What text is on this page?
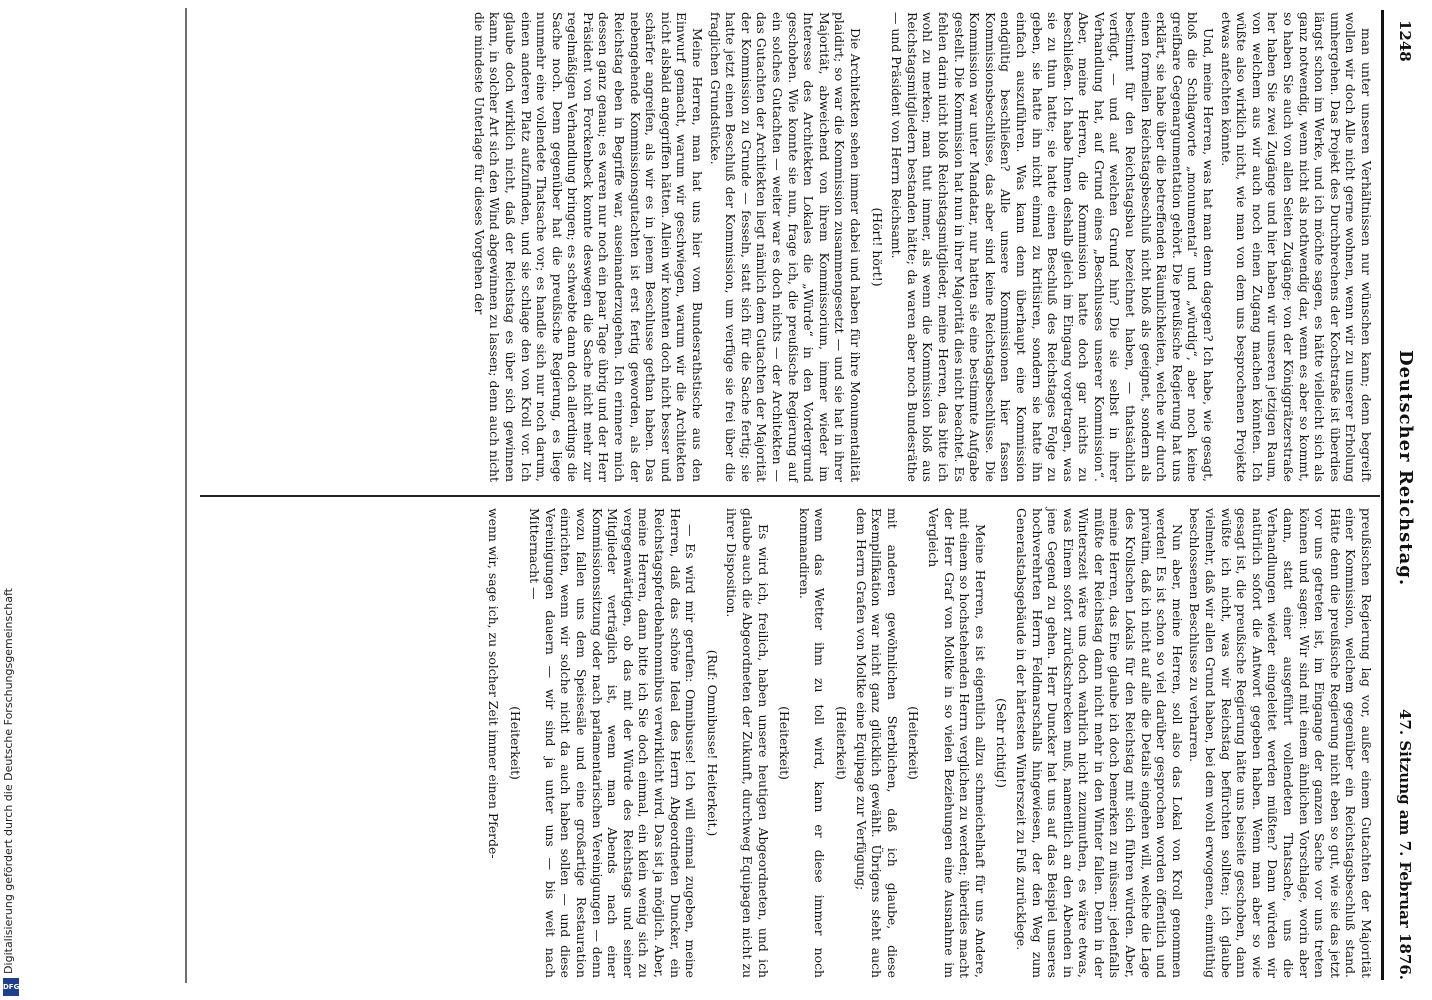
Digitalisierung gefördert durch die Deutsche Forschungsgemeinschaft
DFG
1248
Deutscher Reichstag.
47. Sitzung am 7. Februar 1876.

man unter unseren Verhältnissen nur wünschen kann; denn begreift wollen wir doch Alle nicht gerne wohnen, wenn wir zu unserer Erholung umhergehen. Das Projekt des Durchbrechens der Kochstraße ist überdies längst schon im Werke, und ich möchte sagen, es hätte vielleicht sich als ganz notwendig, wenn nicht als nothwendig dar, wenn es aber so kommt, so haben Sie auch von allen Seiten Zugänge; von der Königgrätzerstraße her haben Sie zwei Zugänge und hier haben wir unseren jetzigen Raum, von welchem aus wir auch noch einen Zugang machen könnten. Ich wüßte also wirklich nicht, wie man von dem uns besprochenen Projekte etwas anfechten könnte.

Und, meine Herren, was hat man denn dagegen? Ich habe, wie gesagt, bloß die Schlagworte „monumental“ und „würdig“, aber noch keine greifbare Gegenargumentation gehört. Die preußische Regierung hat uns erklärt, sie habe über die betreffenden Räumlichkeiten, welche wir durch einen formellen Reichstagsbeschluß nicht bloß als geeignet, sondern als bestimmt für den Reichstagsbau bezeichnet haben, — thatsächlich verfügt, — und auf welchen Grund hin? Die sie selbst in ihrer Verhandlung hat, auf Grund eines „Beschlusses unserer Kommission“. Aber, meine Herren, die Kommission hatte doch gar nichts zu beschließen. Ich habe Ihnen deshalb gleich im Eingang vorgetragen, was sie zu thun hatte; sie hatte einen Beschluß des Reichstages Folge zu geben, sie hatte ihn nicht einmal zu kritisiren, sondern sie hatte ihn einfach auszuführen. Was kann denn überhaupt eine Kommission endgültig beschließen? Alle unsere Kommissionen hier fassen Kommissionsbeschlüsse, das aber sind keine Reichstagsbeschlüsse. Die Kommission war unter Mandatar, nur hatten sie eine bestimmte Aufgabe gestellt. Die Kommission hat nun in ihrer Majorität dies nicht beachtet. Es fehlen darin nicht bloß Reichstagsmitglieder, meine Herren, das bitte ich wohl zu merken; man thut immer, als wenn die Kommission bloß aus Reichstagsmitgliedern bestanden hätte; da waren aber noch Bundesräthe — und Präsident von Herrn Reichsamt.

(Hört! hört!)

Die Architekten sehen immer dabei und haben für ihre Monumentalität plaidirt; so war die Kommission zusammengesetzt — und sie hat in ihrer Majorität, abweichend von ihrem Kommissorium, immer wieder im Interesse des Architekten Lokales die „Würde“ in den Vordergrund geschoben. Wie konnte sie nun, frage ich, die preußische Regierung auf ein solches Gutachten — weiter war es doch nichts — der Architekten — das Gutachten der Architekten liegt nämlich dem Gutachten der Majorität der Kommission zu Grunde — fesseln, statt sich für die Sache fertig; sie hatte jetzt einen Beschluß der Kommission, um verfüge sie frei über die fraglichen Grundstücke.

Meine Herren, man hat uns hier vom Bundesrathstische aus den Einwurf gemacht, warum wir geschwiegen, warum wir die Architekten nicht alsbald angegriffen hätten. Allein wir konnten doch nicht besser und schärfer angreifen, als wir es in jenem Beschlusse gethan haben. Das nebengehende Kommissionsgutachten ist erst fertig geworden, als der Reichstag eben in Begriffe war, auseinanderzugehen. Ich erinnere mich dessen ganz genau; es waren nur noch ein paar Tage übrig und der Herr Präsident von Forckenbeck konnte deswegen die Sache nicht mehr zur regelmäßigen Verhandlung bringen; es schwebte dann doch allerdings die Sache noch. Denn gegenüber hat die preußische Regierung, es liege nunmehr eine vollendete Thatsache vor; es handle sich nur noch darum, einen anderen Platz aufzufinden, und sie schlage den von Kroll vor. Ich glaube doch wirklich nicht, daß der Reichstag es über sich gewinnen kann, in solcher Art sich den Wind abgewinnen zu lassen; denn auch nicht die mindeste Unterlage für dieses Vorgehen der

preußischen Regierung lag vor, außer einem Gutachten der Majorität einer Kommission, welchem gegenüber ein Reichstagsbeschluß stand. Hätte denn die preußische Regierung nicht eben so gut, wie sie das jetzt vor uns getreten ist, im Eingange der ganzen Sache vor uns treten können und sagen: Wir sind mit einem ähnlichen Vorschlage, worin aber dann, statt einer ausgeführt vollendeten Thatsache, uns die Verhandlungen wieder eingeleitet werden müßten? Dann würden wir natürlich sofort die Antwort gegeben haben. Wenn man aber so wie gesagt ist, die preußische Regierung hätte uns beiseite geschoben, dann wüßte ich nicht, was wir Reichstag befürchten sollten; ich glaube vielmehr, daß wir allen Grund haben, bei dem wohl erwogenen, einmüthig beschlossenen Beschlusse zu verharren.

Nun aber, meine Herren, soll also das Lokal von Kroll genommen werden! Es ist schon so viel darüber gesprochen worden öffentlich und privatim, daß ich nicht auf alle die Details eingehen will, welche die Lage des Krollschen Lokals für den Reichstag mit sich führen würden. Aber, meine Herren, das Eine glaube ich doch bemerken zu müssen: jedenfalls müßte der Reichstag dann nicht mehr in den Winter fallen. Denn in der Winterszeit wäre uns doch wahrlich nicht zuzumuthen, es wäre etwas, was Einem sofort zurückschrecken muß, namentlich an den Abenden in jene Gegend zu gehen. Herr Duncker hat uns auf das Beispiel unseres hochverehrten Herrn Feldmarschalls hingewiesen, der den Weg zum Generalstabsgebäude in der härtesten Winterszeit zu Fuß zurücklege.

(Sehr richtig!)

Meine Herren, es ist eigentlich allzu schmeichelhaft für uns Andere, mit einem so hochstehenden Herrn verglichen zu werden; überdies macht der Herr Graf von Moltke in so vielen Beziehungen eine Ausnahme im Vergleich

(Heiterkeit)

mit anderen gewöhnlichen Sterblichen, daß ich glaube, diese Exemplifikation war nicht ganz glücklich gewählt. Übrigens steht auch dem Herrn Grafen von Moltke eine Equipage zur Verfügung;

(Heiterkeit)

wenn das Wetter ihm zu toll wird, kann er diese immer noch kommandiren.

(Heiterkeit)

Es wird ich, freilich, haben unsere heutigen Abgeordneten, und ich glaube auch die Abgeordneten der Zukunft, durchweg Equipagen nicht zu ihrer Disposition.

(Ruf: Omnibusse! Heiterkeit.)

— Es wird mir gerufen: Omnibusse! Ich will einmal zugeben, meine Herren, daß das schöne Ideal des Herrn Abgeordneten Duncker, ein Reichstagspferdebahnomnibus verwirklicht wird. Das ist ja möglich. Aber, meine Herren, dann bitte ich Sie doch einmal, ein klein wenig sich zu vergegenwärtigen, ob das mit der Würde des Reichstags und seiner Mitglieder verträglich ist, wenn man Abends nach einer Kommissionssitzung oder nach parlamentarischen Vereinigungen — denn wozu fallen uns dem Speisesäle und eine großartige Restauration einrichten, wenn wir solche nicht da auch haben sollen — und diese Vereinigungen dauern — wir sind ja unter uns — bis weit nach Mitternacht —

(Heiterkeit)

wenn wir, sage ich, zu solcher Zeit immer einen Pferde-
